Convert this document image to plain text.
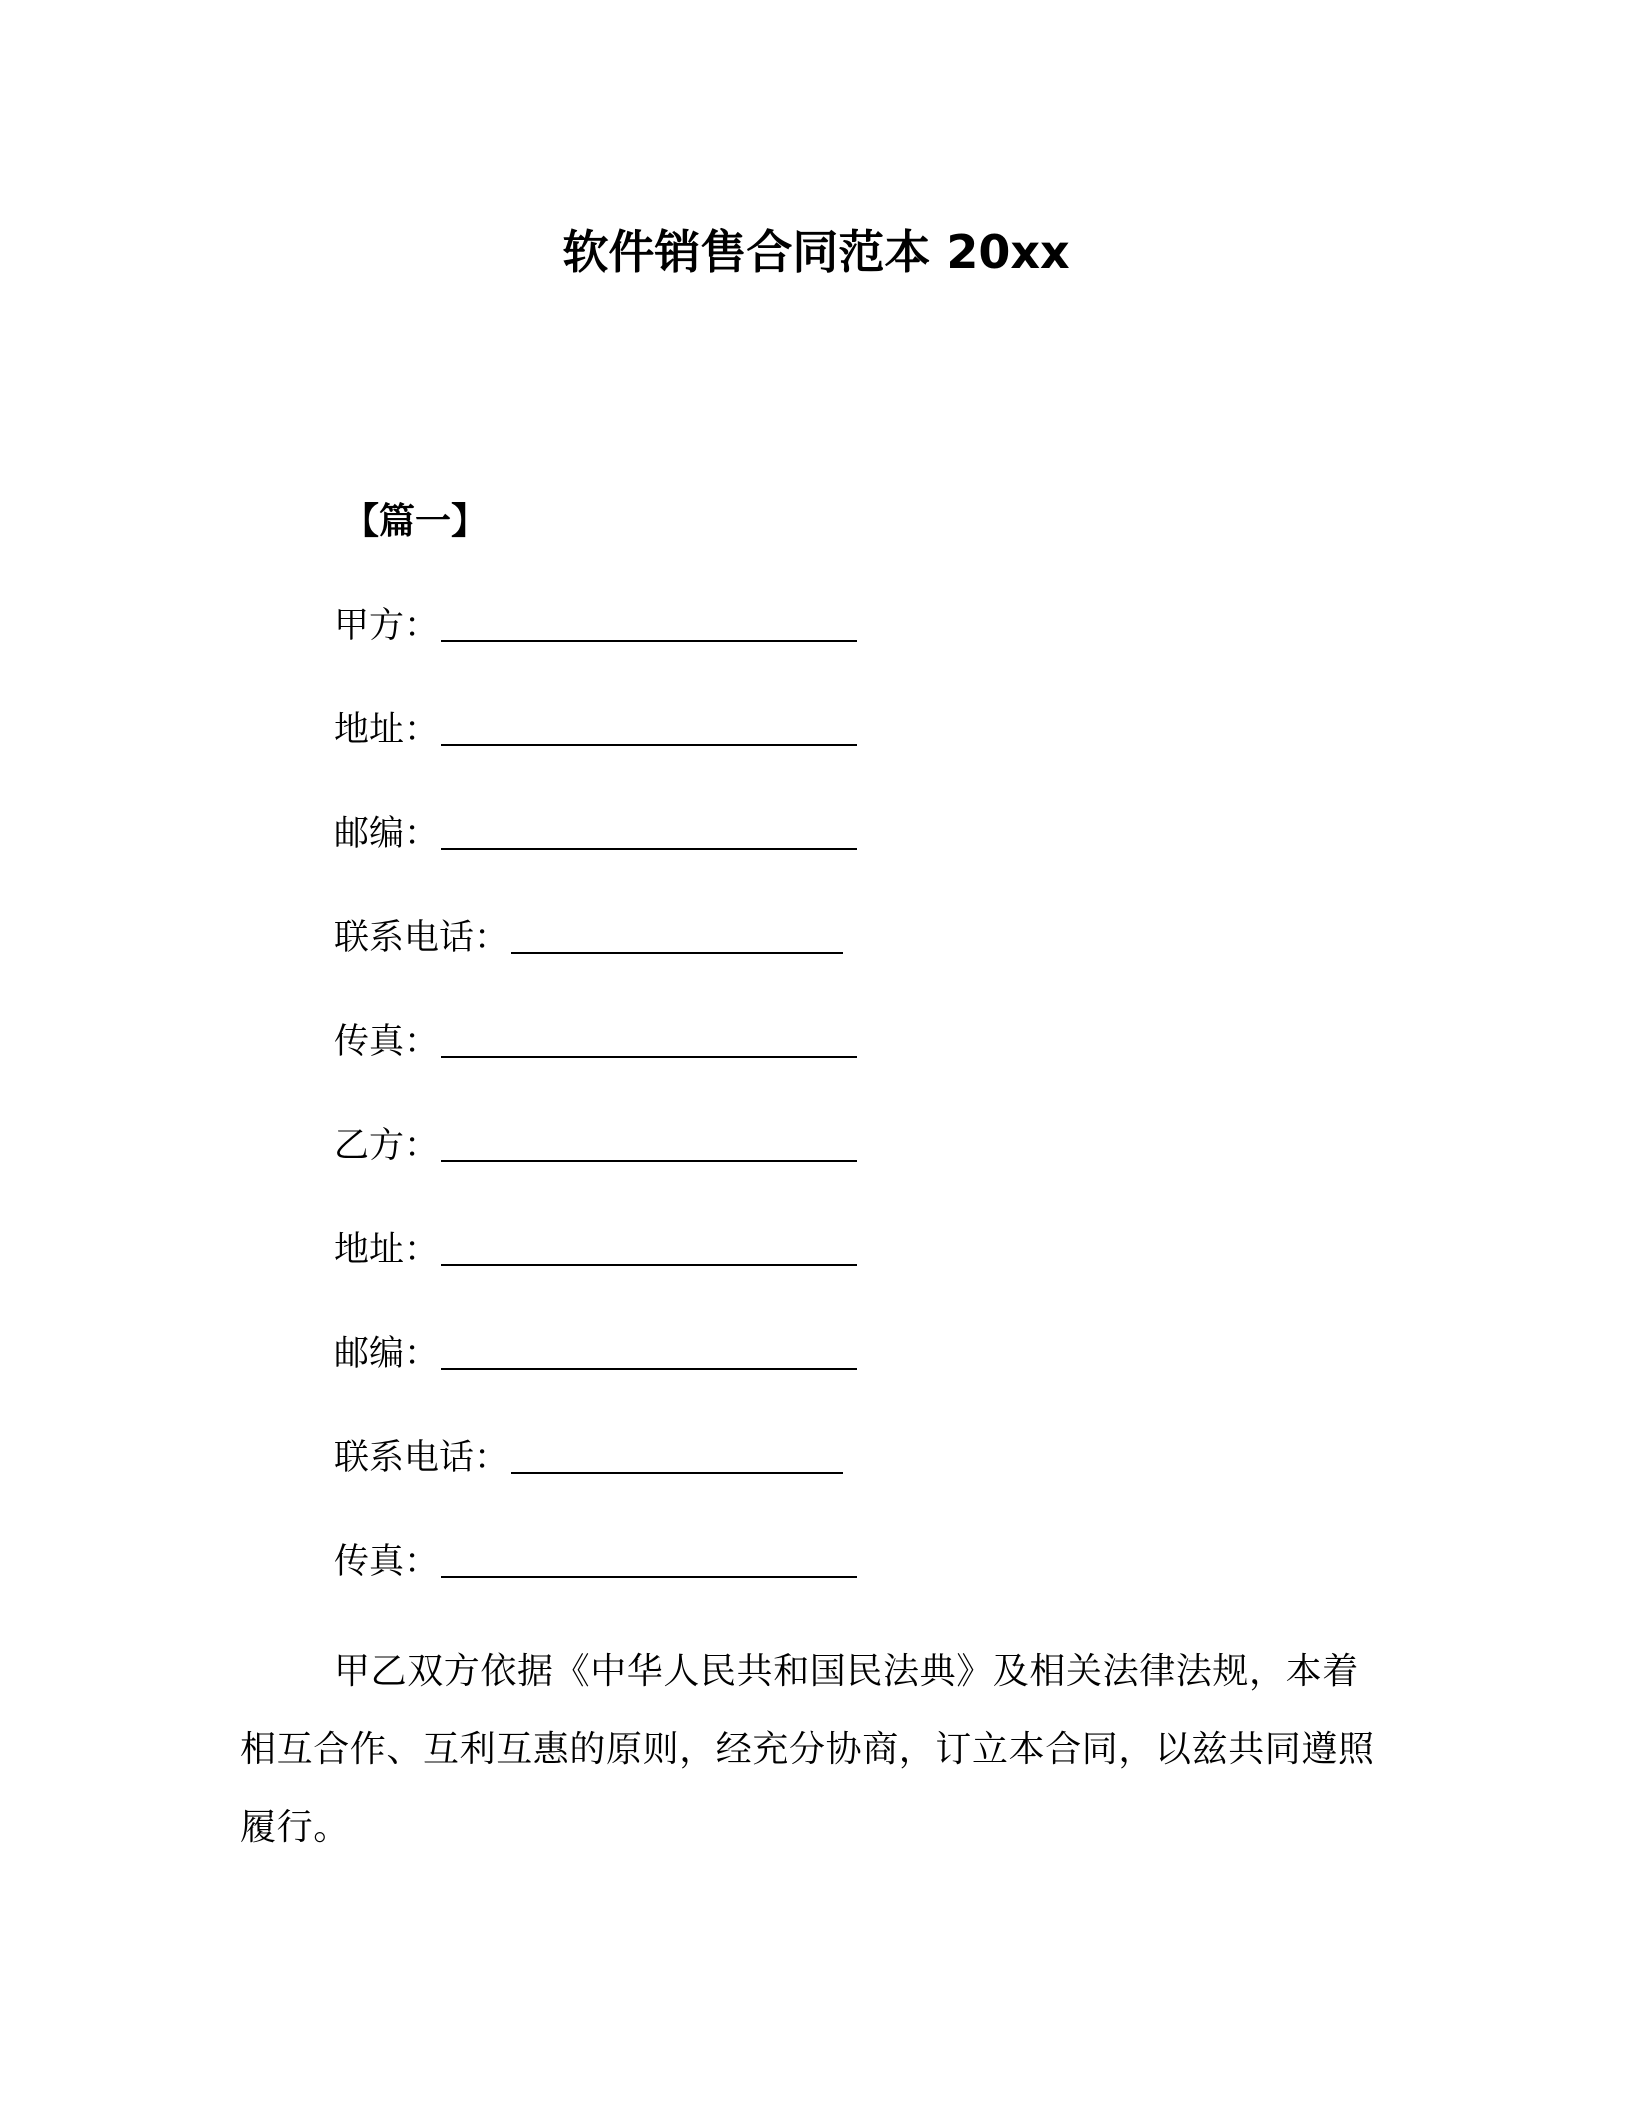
软件销售合同范本 20xx
【篇一】
甲方：
地址：
邮编：
联系电话：
传真：
乙方：
地址：
邮编：
联系电话：
传真：
甲乙双方依据《中华人民共和国民法典》及相关法律法规，本着相互合作、互利互惠的原则，经充分协商，订立本合同，以兹共同遵照履行。
